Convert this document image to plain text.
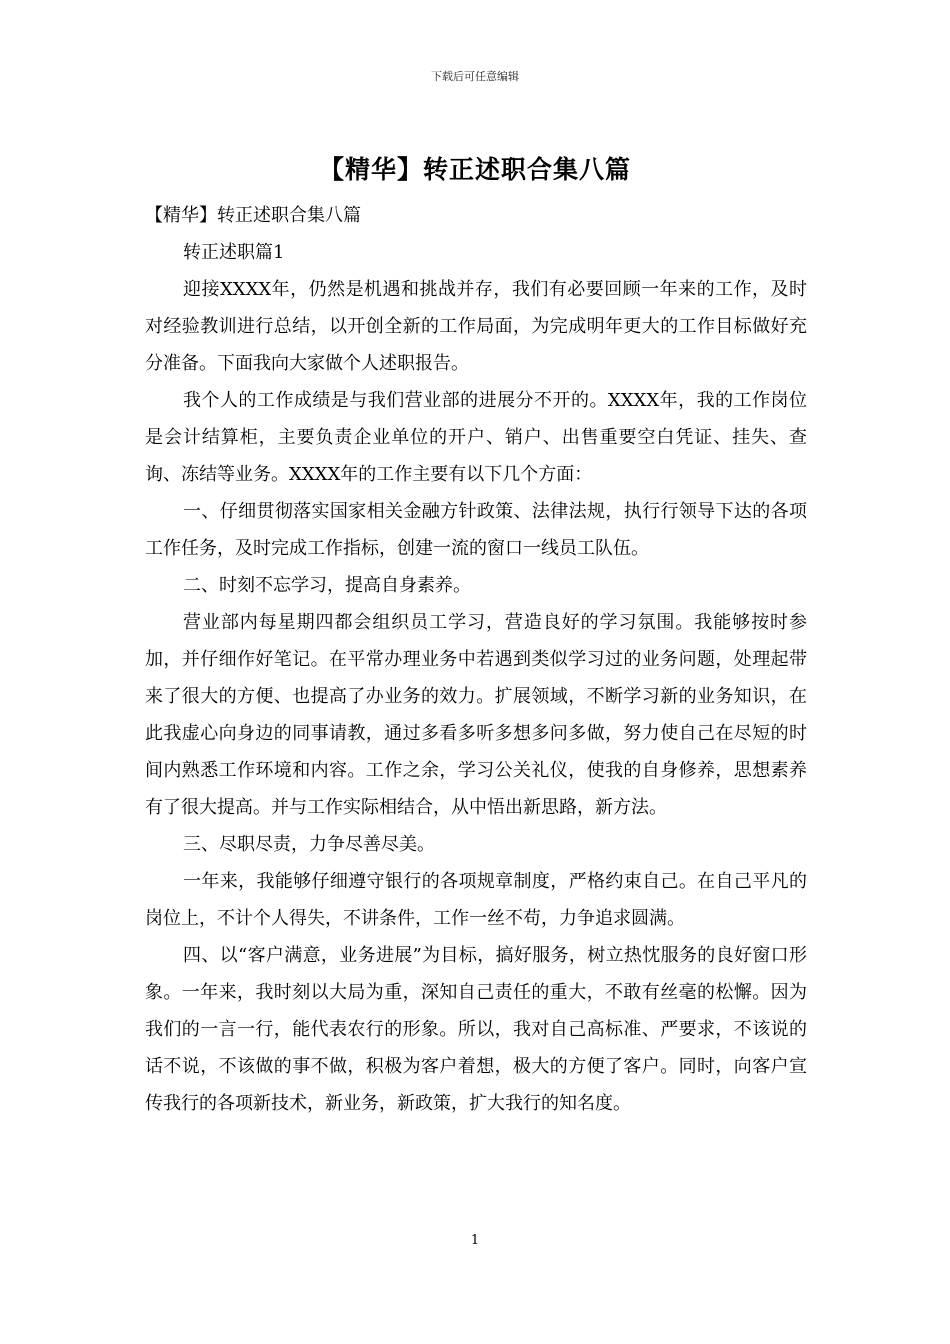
下载后可任意编辑
【精华】转正述职合集八篇

【精华】转正述职合集八篇

转正述职篇1

迎接XXXX年，仍然是机遇和挑战并存，我们有必要回顾一年来的工作，及时对经验教训进行总结，以开创全新的工作局面，为完成明年更大的工作目标做好充分准备。下面我向大家做个人述职报告。

我个人的工作成绩是与我们营业部的进展分不开的。XXXX年，我的工作岗位是会计结算柜，主要负责企业单位的开户、销户、出售重要空白凭证、挂失、查询、冻结等业务。XXXX年的工作主要有以下几个方面：

一、仔细贯彻落实国家相关金融方针政策、法律法规，执行行领导下达的各项工作任务，及时完成工作指标，创建一流的窗口一线员工队伍。

二、时刻不忘学习，提高自身素养。

营业部内每星期四都会组织员工学习，营造良好的学习氛围。我能够按时参加，并仔细作好笔记。在平常办理业务中若遇到类似学习过的业务问题，处理起带来了很大的方便、也提高了办业务的效力。扩展领域，不断学习新的业务知识，在此我虚心向身边的同事请教，通过多看多听多想多问多做，努力使自己在尽短的时间内熟悉工作环境和内容。工作之余，学习公关礼仪，使我的自身修养，思想素养有了很大提高。并与工作实际相结合，从中悟出新思路，新方法。

三、尽职尽责，力争尽善尽美。

一年来，我能够仔细遵守银行的各项规章制度，严格约束自己。在自己平凡的岗位上，不计个人得失，不讲条件，工作一丝不苟，力争追求圆满。

四、以“客户满意，业务进展”为目标，搞好服务，树立热忱服务的良好窗口形象。一年来，我时刻以大局为重，深知自己责任的重大，不敢有丝毫的松懈。因为我们的一言一行，能代表农行的形象。所以，我对自己高标准、严要求，不该说的话不说，不该做的事不做，积极为客户着想，极大的方便了客户。同时，向客户宣传我行的各项新技术，新业务，新政策，扩大我行的知名度。

1
